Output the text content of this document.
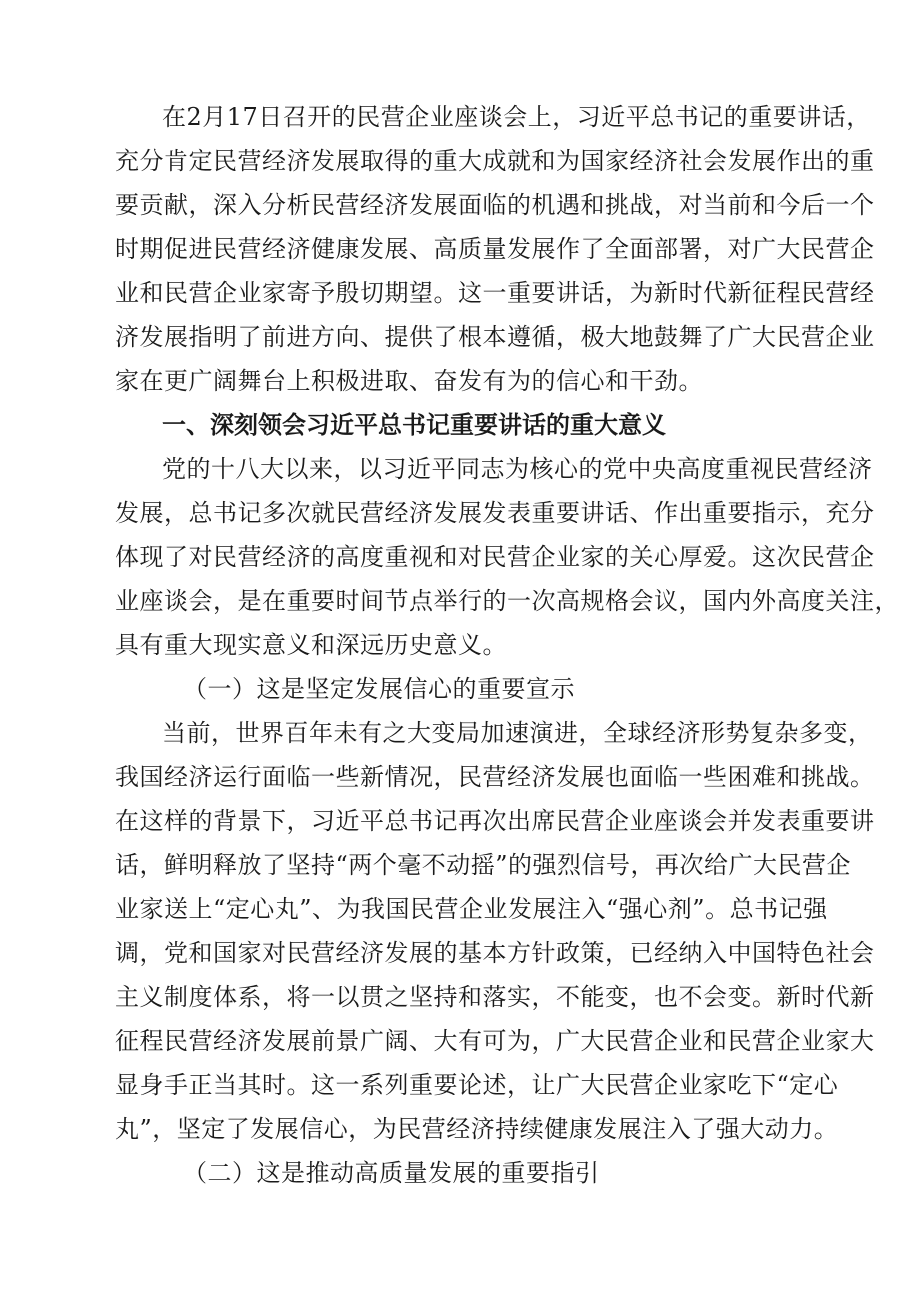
在2月17日召开的民营企业座谈会上，习近平总书记的重要讲话，
充分肯定民营经济发展取得的重大成就和为国家经济社会发展作出的重
要贡献，深入分析民营经济发展面临的机遇和挑战，对当前和今后一个
时期促进民营经济健康发展、高质量发展作了全面部署，对广大民营企
业和民营企业家寄予殷切期望。这一重要讲话，为新时代新征程民营经
济发展指明了前进方向、提供了根本遵循，极大地鼓舞了广大民营企业
家在更广阔舞台上积极进取、奋发有为的信心和干劲。
一、深刻领会习近平总书记重要讲话的重大意义
党的十八大以来，以习近平同志为核心的党中央高度重视民营经济
发展，总书记多次就民营经济发展发表重要讲话、作出重要指示，充分
体现了对民营经济的高度重视和对民营企业家的关心厚爱。这次民营企
业座谈会，是在重要时间节点举行的一次高规格会议，国内外高度关注，
具有重大现实意义和深远历史意义。
（一）这是坚定发展信心的重要宣示
当前，世界百年未有之大变局加速演进，全球经济形势复杂多变，
我国经济运行面临一些新情况，民营经济发展也面临一些困难和挑战。
在这样的背景下，习近平总书记再次出席民营企业座谈会并发表重要讲
话，鲜明释放了坚持“两个毫不动摇”的强烈信号，再次给广大民营企
业家送上“定心丸”、为我国民营企业发展注入“强心剂”。总书记强
调，党和国家对民营经济发展的基本方针政策，已经纳入中国特色社会
主义制度体系，将一以贯之坚持和落实，不能变，也不会变。新时代新
征程民营经济发展前景广阔、大有可为，广大民营企业和民营企业家大
显身手正当其时。这一系列重要论述，让广大民营企业家吃下“定心
丸”，坚定了发展信心，为民营经济持续健康发展注入了强大动力。
（二）这是推动高质量发展的重要指引
